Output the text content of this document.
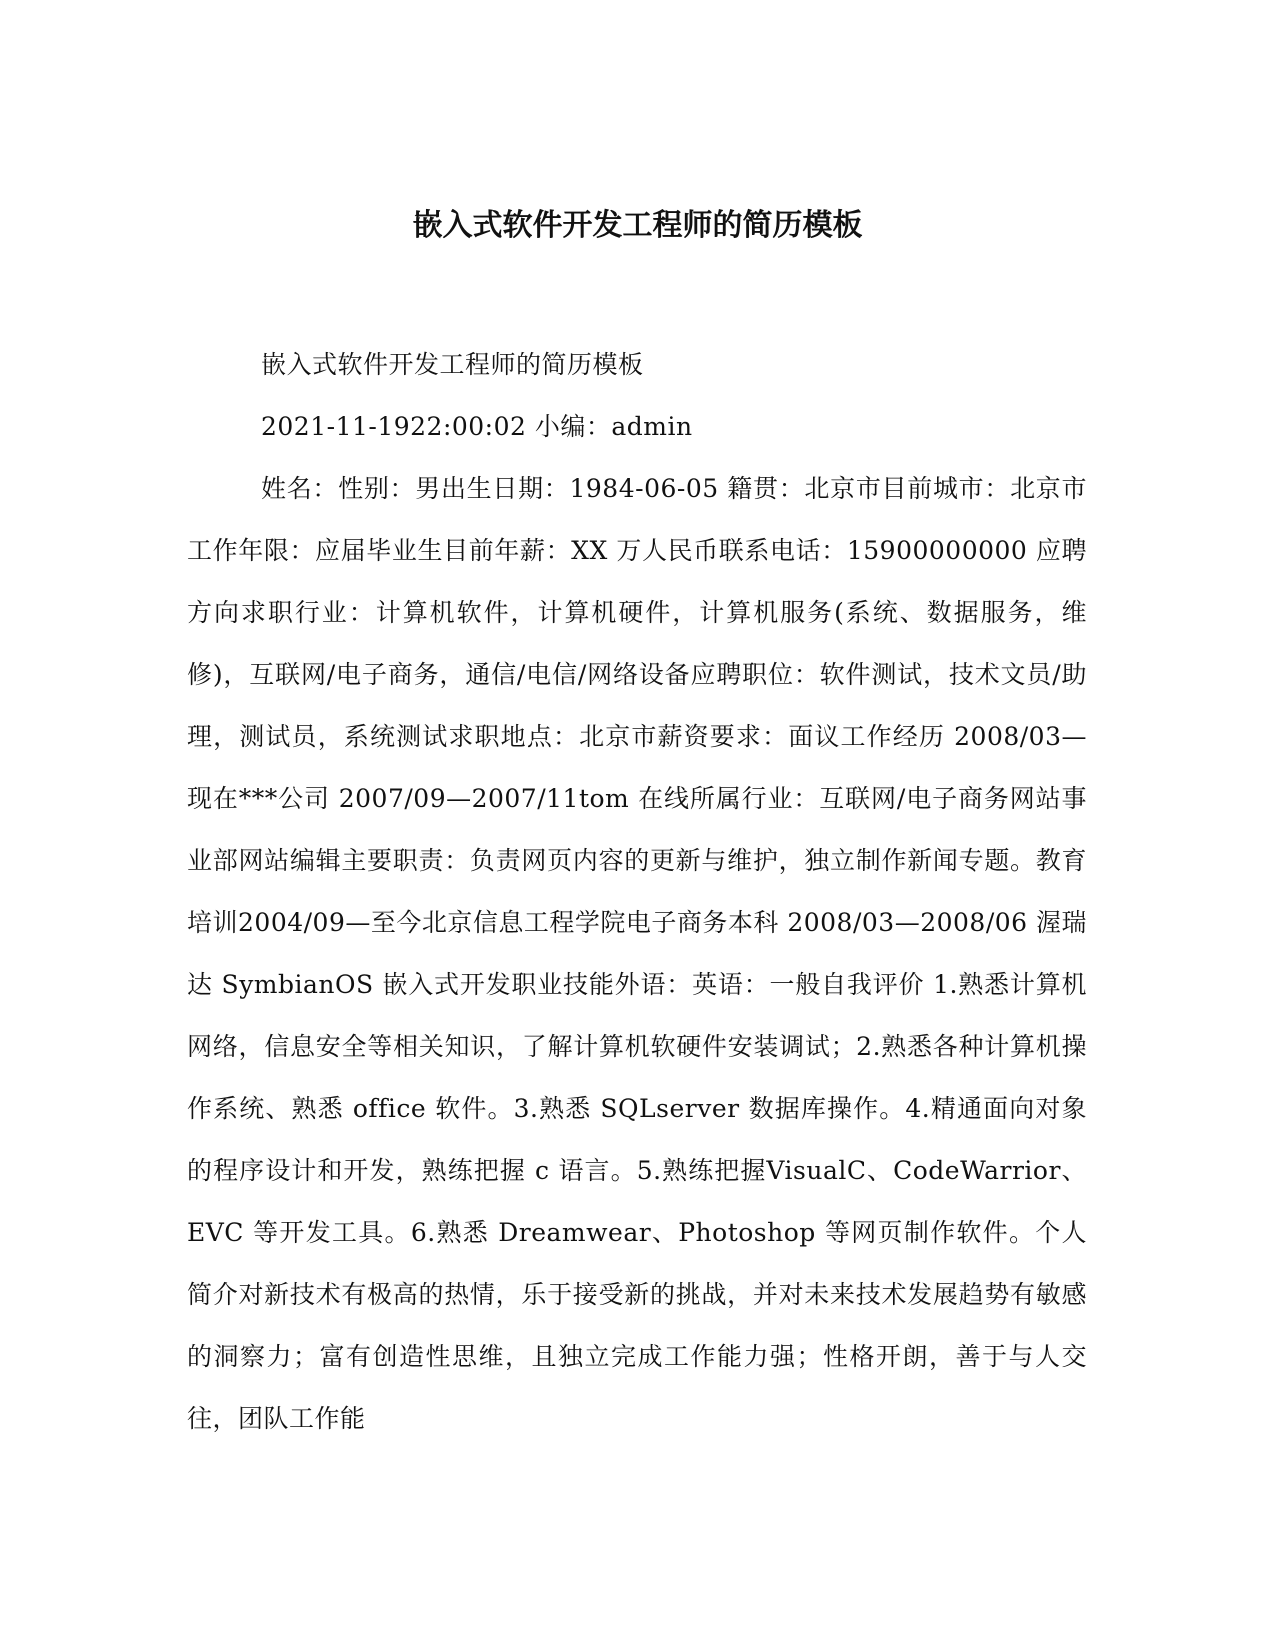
嵌入式软件开发工程师的简历模板

嵌入式软件开发工程师的简历模板

2021-11-1922:00:02 小编：admin

姓名：性别：男出生日期：1984-06-05 籍贯：北京市目前城市：北京市工作年限：应届毕业生目前年薪：XX 万人民币联系电话：15900000000 应聘方向求职行业：计算机软件，计算机硬件，计算机服务(系统、数据服务，维修)，互联网/电子商务，通信/电信/网络设备应聘职位：软件测试，技术文员/助理，测试员，系统测试求职地点：北京市薪资要求：面议工作经历 2008/03—现在***公司 2007/09—2007/11tom 在线所属行业：互联网/电子商务网站事业部网站编辑主要职责：负责网页内容的更新与维护，独立制作新闻专题。教育培训2004/09—至今北京信息工程学院电子商务本科 2008/03—2008/06 渥瑞达 SymbianOS 嵌入式开发职业技能外语：英语：一般自我评价 1.熟悉计算机网络，信息安全等相关知识，了解计算机软硬件安装调试；2.熟悉各种计算机操作系统、熟悉 office 软件。3.熟悉 SQLserver 数据库操作。4.精通面向对象的程序设计和开发，熟练把握 c 语言。5.熟练把握VisualC、CodeWarrior、EVC 等开发工具。6.熟悉 Dreamwear、Photoshop 等网页制作软件。个人简介对新技术有极高的热情，乐于接受新的挑战，并对未来技术发展趋势有敏感的洞察力；富有创造性思维，且独立完成工作能力强；性格开朗，善于与人交往，团队工作能
